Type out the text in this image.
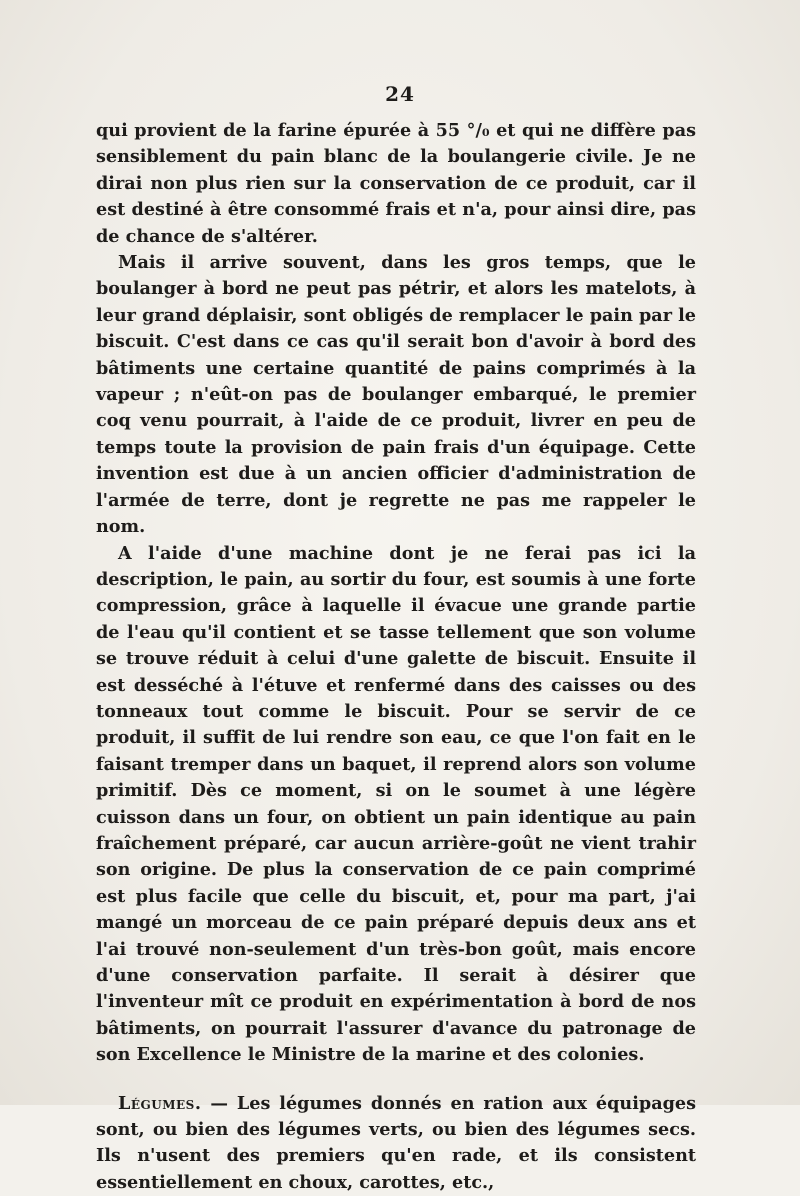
24

qui provient de la farine épurée à 55 °/₀ et qui ne diffère pas sensiblement du pain blanc de la boulangerie civile. Je ne dirai non plus rien sur la conservation de ce produit, car il est destiné à être consommé frais et n'a, pour ainsi dire, pas de chance de s'altérer.

Mais il arrive souvent, dans les gros temps, que le boulanger à bord ne peut pas pétrir, et alors les matelots, à leur grand déplaisir, sont obligés de remplacer le pain par le biscuit. C'est dans ce cas qu'il serait bon d'avoir à bord des bâtiments une certaine quantité de pains comprimés à la vapeur ; n'eût-on pas de boulanger embarqué, le premier coq venu pourrait, à l'aide de ce produit, livrer en peu de temps toute la provision de pain frais d'un équipage. Cette invention est due à un ancien officier d'administration de l'armée de terre, dont je regrette ne pas me rappeler le nom.

A l'aide d'une machine dont je ne ferai pas ici la description, le pain, au sortir du four, est soumis à une forte compression, grâce à laquelle il évacue une grande partie de l'eau qu'il contient et se tasse tellement que son volume se trouve réduit à celui d'une galette de biscuit. Ensuite il est desséché à l'étuve et renfermé dans des caisses ou des tonneaux tout comme le biscuit. Pour se servir de ce produit, il suffit de lui rendre son eau, ce que l'on fait en le faisant tremper dans un baquet, il reprend alors son volume primitif. Dès ce moment, si on le soumet à une légère cuisson dans un four, on obtient un pain identique au pain fraîchement préparé, car aucun arrière-goût ne vient trahir son origine. De plus la conservation de ce pain comprimé est plus facile que celle du biscuit, et, pour ma part, j'ai mangé un morceau de ce pain préparé depuis deux ans et l'ai trouvé non-seulement d'un très-bon goût, mais encore d'une conservation parfaite. Il serait à désirer que l'inventeur mît ce produit en expérimentation à bord de nos bâtiments, on pourrait l'assurer d'avance du patronage de son Excellence le Ministre de la marine et des colonies.

Légumes. — Les légumes donnés en ration aux équipages sont, ou bien des légumes verts, ou bien des légumes secs. Ils n'usent des premiers qu'en rade, et ils consistent essentiellement en choux, carottes, etc.,
